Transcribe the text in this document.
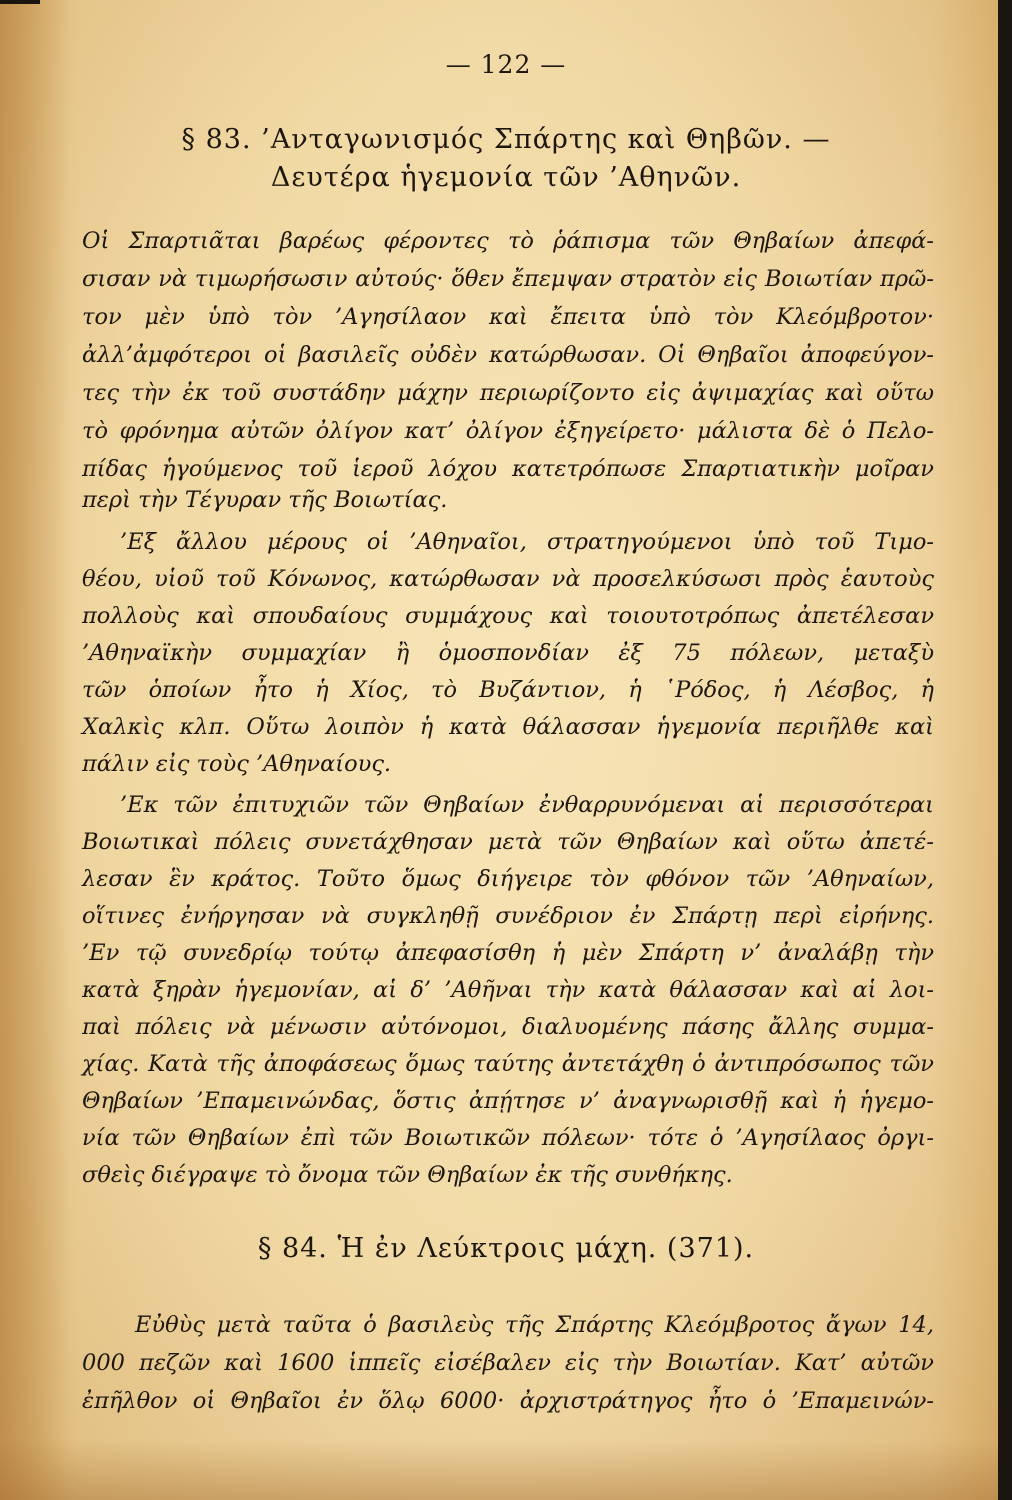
— 122 —
§ 83. ’Ανταγωνισμός Σπάρτης καὶ Θηβῶν. —
Δευτέρα ἡγεμονία τῶν ’Αθηνῶν.
Οἱ Σπαρτιᾶται βαρέως φέροντες τὸ ῥάπισμα τῶν Θηβαίων ἀπεφά-
σισαν νὰ τιμωρήσωσιν αὐτούς· ὅθεν ἔπεμψαν στρατὸν εἰς Βοιωτίαν πρῶ-
τον μὲν ὑπὸ τὸν ’Αγησίλαον καὶ ἔπειτα ὑπὸ τὸν Κλεόμβροτον·
ἀλλ’ἀμφότεροι οἱ βασιλεῖς οὐδὲν κατώρθωσαν. Οἱ Θηβαῖοι ἀποφεύγον-
τες τὴν ἐκ τοῦ συστάδην μάχην περιωρίζοντο εἰς ἀψιμαχίας καὶ οὕτω
τὸ φρόνημα αὐτῶν ὀλίγον κατ’ ὀλίγον ἐξηγείρετο· μάλιστα δὲ ὁ Πελο-
πίδας ἡγούμενος τοῦ ἱεροῦ λόχου κατετρόπωσε Σπαρτιατικὴν μοῖραν
περὶ τὴν Τέγυραν τῆς Βοιωτίας.
’Εξ ἄλλου μέρους οἱ ’Αθηναῖοι, στρατηγούμενοι ὑπὸ τοῦ Τιμο-
θέου, υἱοῦ τοῦ Κόνωνος, κατώρθωσαν νὰ προσελκύσωσι πρὸς ἑαυτοὺς
πολλοὺς καὶ σπουδαίους συμμάχους καὶ τοιουτοτρόπως ἀπετέλεσαν
’Αθηναϊκὴν συμμαχίαν ἢ ὁμοσπονδίαν ἐξ 75 πόλεων, μεταξὺ
τῶν ὁποίων ἦτο ἡ Χίος, τὸ Βυζάντιον, ἡ ῾Ρόδος, ἡ Λέσβος, ἡ
Χαλκὶς κλπ. Οὕτω λοιπὸν ἡ κατὰ θάλασσαν ἡγεμονία περιῆλθε καὶ
πάλιν εἰς τοὺς ’Αθηναίους.
’Εκ τῶν ἐπιτυχιῶν τῶν Θηβαίων ἐνθαρρυνόμεναι αἱ περισσότεραι
Βοιωτικαὶ πόλεις συνετάχθησαν μετὰ τῶν Θηβαίων καὶ οὕτω ἀπετέ-
λεσαν ἓν κράτος. Τοῦτο ὅμως διήγειρε τὸν φθόνον τῶν ’Αθηναίων,
οἵτινες ἐνήργησαν νὰ συγκληθῇ συνέδριον ἐν Σπάρτῃ περὶ εἰρήνης.
’Εν τῷ συνεδρίῳ τούτῳ ἀπεφασίσθη ἡ μὲν Σπάρτη ν’ ἀναλάβῃ τὴν
κατὰ ξηρὰν ἡγεμονίαν, αἱ δ’ ’Αθῆναι τὴν κατὰ θάλασσαν καὶ αἱ λοι-
παὶ πόλεις νὰ μένωσιν αὐτόνομοι, διαλυομένης πάσης ἄλλης συμμα-
χίας. Κατὰ τῆς ἀποφάσεως ὅμως ταύτης ἀντετάχθη ὁ ἀντιπρόσωπος τῶν
Θηβαίων ’Επαμεινώνδας, ὅστις ἀπῄτησε ν’ ἀναγνωρισθῇ καὶ ἡ ἡγεμο-
νία τῶν Θηβαίων ἐπὶ τῶν Βοιωτικῶν πόλεων· τότε ὁ ’Αγησίλαος ὀργι-
σθεὶς διέγραψε τὸ ὄνομα τῶν Θηβαίων ἐκ τῆς συνθήκης.
§ 84. Ἡ ἐν Λεύκτροις μάχη. (371).
Εὐθὺς μετὰ ταῦτα ὁ βασιλεὺς τῆς Σπάρτης Κλεόμβροτος ἄγων 14,
000 πεζῶν καὶ 1600 ἱππεῖς εἰσέβαλεν εἰς τὴν Βοιωτίαν. Κατ’ αὐτῶν
ἐπῆλθον οἱ Θηβαῖοι ἐν ὅλῳ 6000· ἀρχιστράτηγος ἦτο ὁ ’Επαμεινών-
